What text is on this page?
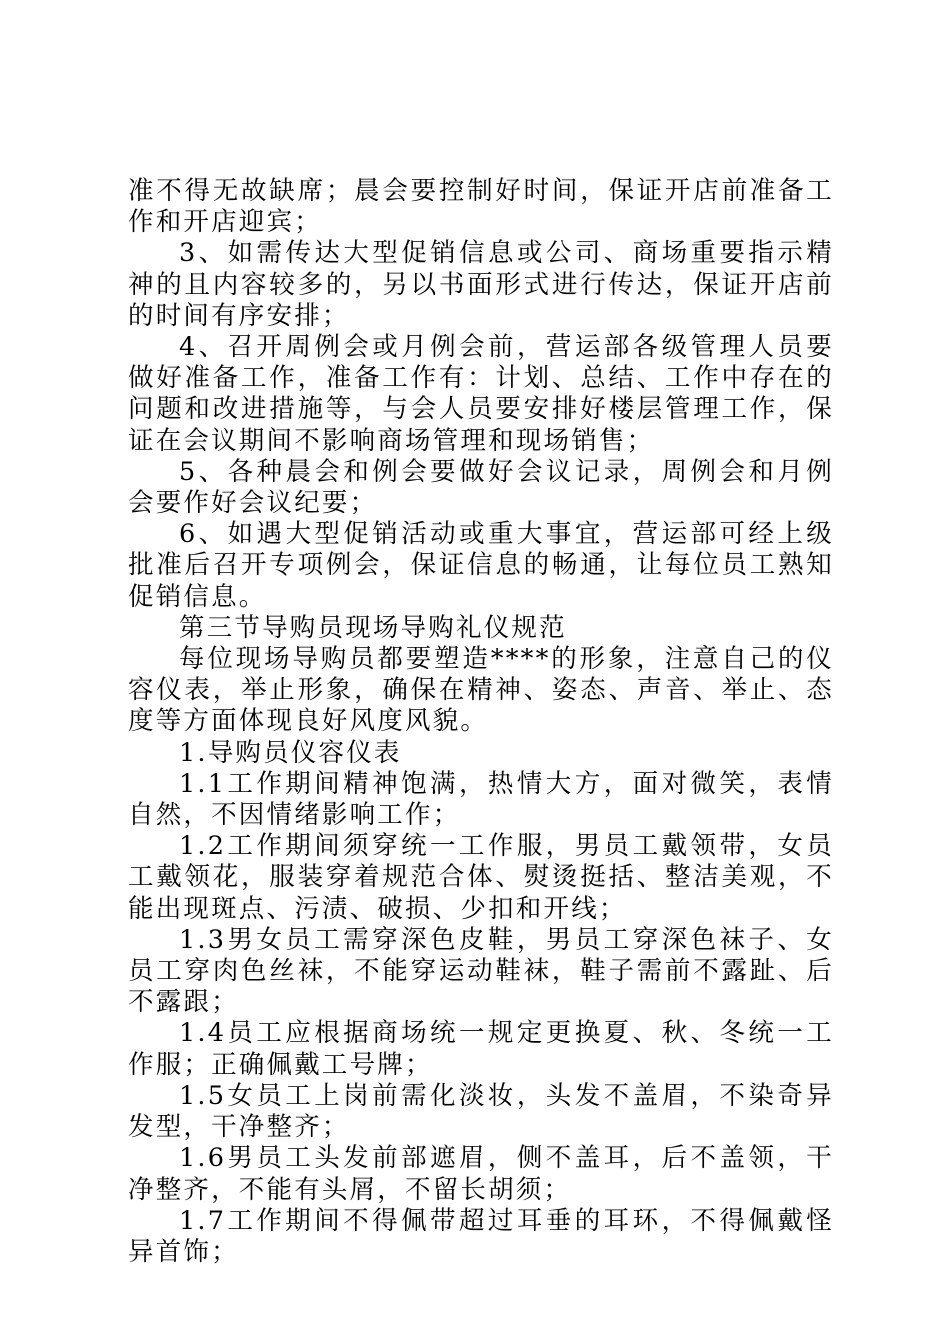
准不得无故缺席；晨会要控制好时间，保证开店前准备工作和开店迎宾；

3、如需传达大型促销信息或公司、商场重要指示精神的且内容较多的，另以书面形式进行传达，保证开店前的时间有序安排；

4、召开周例会或月例会前，营运部各级管理人员要做好准备工作，准备工作有：计划、总结、工作中存在的问题和改进措施等，与会人员要安排好楼层管理工作，保证在会议期间不影响商场管理和现场销售；

5、各种晨会和例会要做好会议记录，周例会和月例会要作好会议纪要；

6、如遇大型促销活动或重大事宜，营运部可经上级批准后召开专项例会，保证信息的畅通，让每位员工熟知促销信息。

第三节导购员现场导购礼仪规范

每位现场导购员都要塑造****的形象，注意自己的仪容仪表，举止形象，确保在精神、姿态、声音、举止、态度等方面体现良好风度风貌。

1.导购员仪容仪表

1.1工作期间精神饱满，热情大方，面对微笑，表情自然，不因情绪影响工作；

1.2工作期间须穿统一工作服，男员工戴领带，女员工戴领花，服装穿着规范合体、熨烫挺括、整洁美观，不能出现斑点、污渍、破损、少扣和开线；

1.3男女员工需穿深色皮鞋，男员工穿深色袜子、女员工穿肉色丝袜，不能穿运动鞋袜，鞋子需前不露趾、后不露跟；

1.4员工应根据商场统一规定更换夏、秋、冬统一工作服；正确佩戴工号牌；

1.5女员工上岗前需化淡妆，头发不盖眉，不染奇异发型，干净整齐；

1.6男员工头发前部遮眉，侧不盖耳，后不盖领，干净整齐，不能有头屑，不留长胡须；

1.7工作期间不得佩带超过耳垂的耳环，不得佩戴怪异首饰；
